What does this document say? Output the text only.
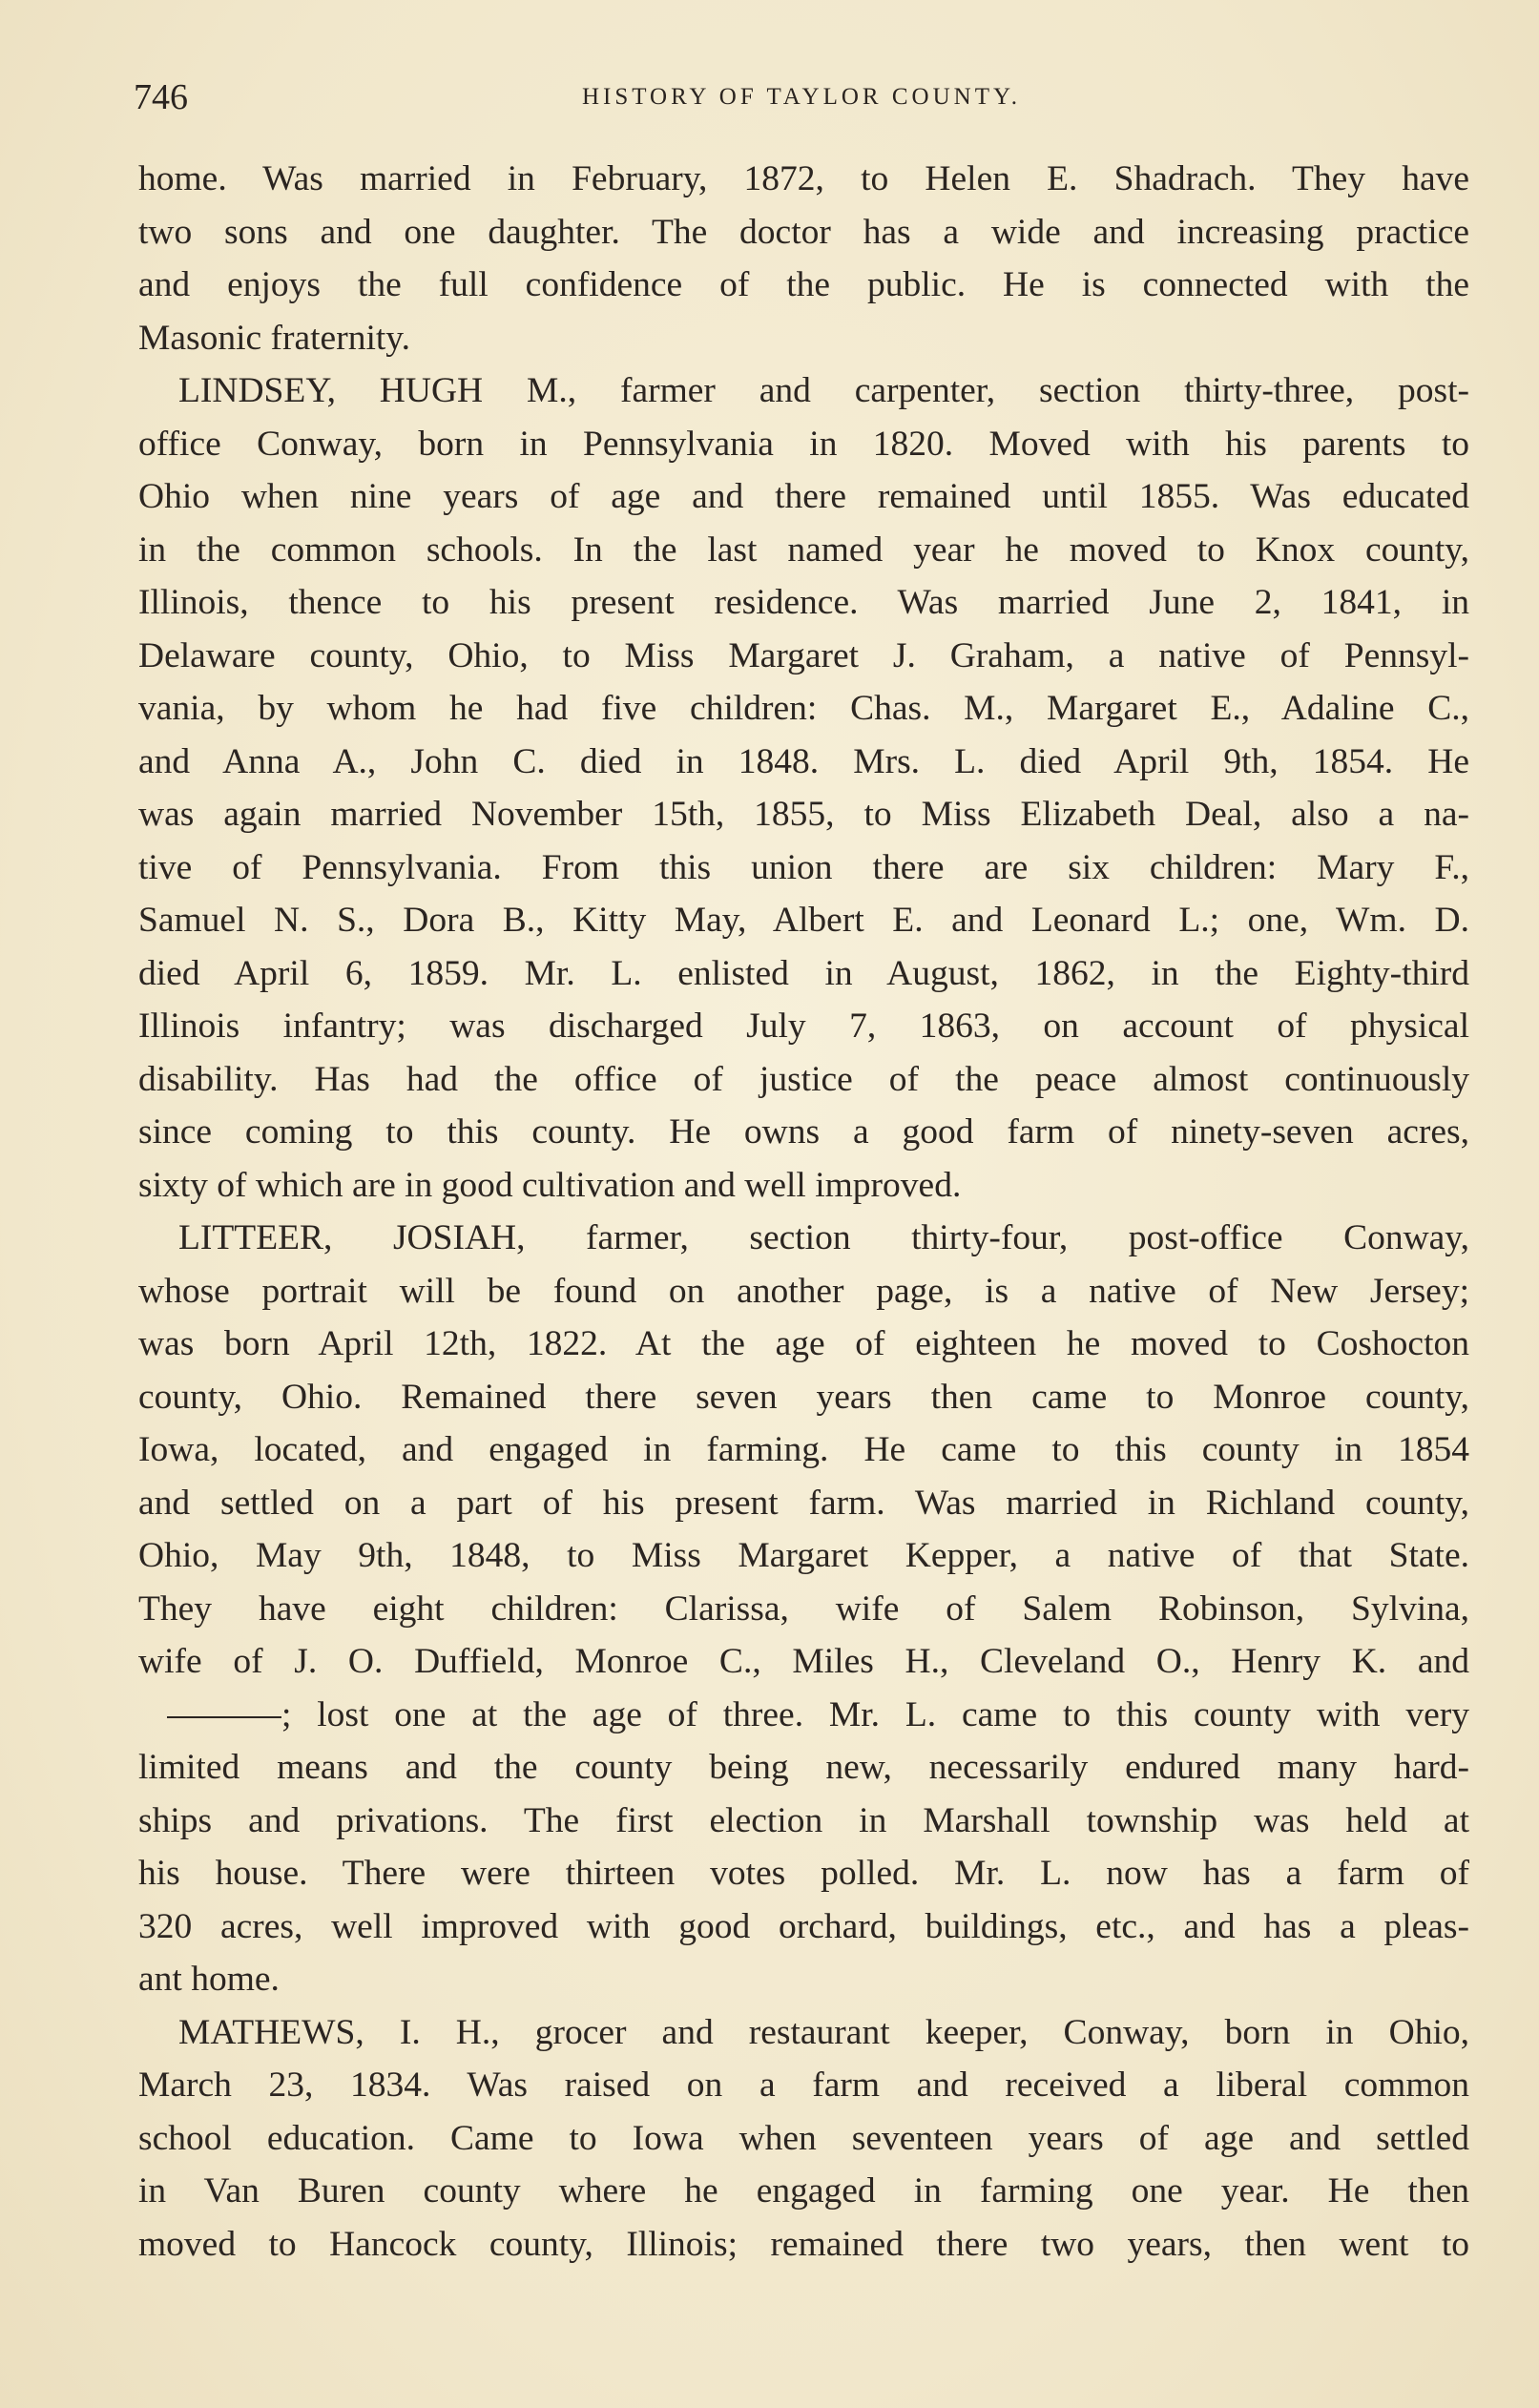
746	HISTORY OF TAYLOR COUNTY.
home. Was married in February, 1872, to Helen E. Shadrach. They have
two sons and one daughter. The doctor has a wide and increasing practice
and enjoys the full confidence of the public. He is connected with the
Masonic fraternity.
LINDSEY, HUGH M., farmer and carpenter, section thirty-three, post-
office Conway, born in Pennsylvania in 1820. Moved with his parents to
Ohio when nine years of age and there remained until 1855. Was educated
in the common schools. In the last named year he moved to Knox county,
Illinois, thence to his present residence. Was married June 2, 1841, in
Delaware county, Ohio, to Miss Margaret J. Graham, a native of Pennsyl-
vania, by whom he had five children: Chas. M., Margaret E., Adaline C.,
and Anna A., John C. died in 1848. Mrs. L. died April 9th, 1854. He
was again married November 15th, 1855, to Miss Elizabeth Deal, also a na-
tive of Pennsylvania. From this union there are six children: Mary F.,
Samuel N. S., Dora B., Kitty May, Albert E. and Leonard L.; one, Wm. D.
died April 6, 1859. Mr. L. enlisted in August, 1862, in the Eighty-third
Illinois infantry; was discharged July 7, 1863, on account of physical
disability. Has had the office of justice of the peace almost continuously
since coming to this county. He owns a good farm of ninety-seven acres,
sixty of which are in good cultivation and well improved.
LITTEER, JOSIAH, farmer, section thirty-four, post-office Conway,
whose portrait will be found on another page, is a native of New Jersey;
was born April 12th, 1822. At the age of eighteen he moved to Coshocton
county, Ohio. Remained there seven years then came to Monroe county,
Iowa, located, and engaged in farming. He came to this county in 1854
and settled on a part of his present farm. Was married in Richland county,
Ohio, May 9th, 1848, to Miss Margaret Kepper, a native of that State.
They have eight children: Clarissa, wife of Salem Robinson, Sylvina,
wife of J. O. Duffield, Monroe C., Miles H., Cleveland O., Henry K. and
; lost one at the age of three. Mr. L. came to this county with very
limited means and the county being new, necessarily endured many hard-
ships and privations. The first election in Marshall township was held at
his house. There were thirteen votes polled. Mr. L. now has a farm of
320 acres, well improved with good orchard, buildings, etc., and has a pleas-
ant home.
MATHEWS, I. H., grocer and restaurant keeper, Conway, born in Ohio,
March 23, 1834. Was raised on a farm and received a liberal common
school education. Came to Iowa when seventeen years of age and settled
in Van Buren county where he engaged in farming one year. He then
moved to Hancock county, Illinois; remained there two years, then went to
